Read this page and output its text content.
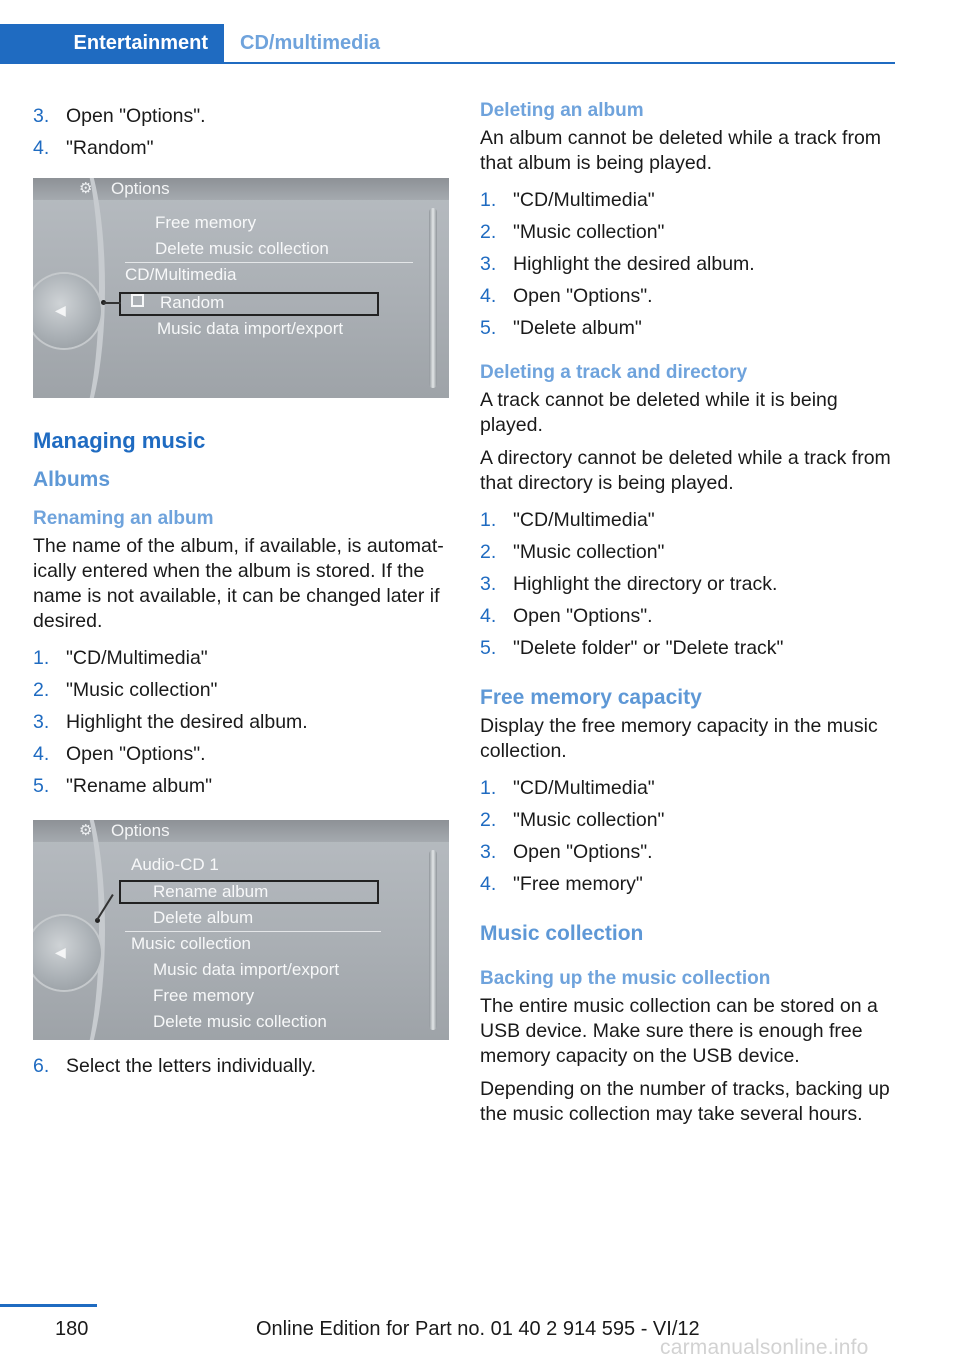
Entertainment	CD/multimedia
3. Open "Options".
4. "Random"
⚙ Options
◀
Free memory
Delete music collection
CD/Multimedia
Random
Music data import/export
Managing music
Albums
Renaming an album

The name of the album, if available, is automat‐ically entered when the album is stored. If the name is not available, it can be changed later if desired.

1. "CD/Multimedia"
2. "Music collection"
3. Highlight the desired album.
4. Open "Options".
5. "Rename album"
⚙ Options
◀
Audio-CD 1
Rename album
Delete album
Music collection
Music data import/export
Free memory
Delete music collection
6. Select the letters individually.
Deleting an album

An album cannot be deleted while a track from that album is being played.

1. "CD/Multimedia"
2. "Music collection"
3. Highlight the desired album.
4. Open "Options".
5. "Delete album"
Deleting a track and directory

A track cannot be deleted while it is being played.

A directory cannot be deleted while a track from that directory is being played.

1. "CD/Multimedia"
2. "Music collection"
3. Highlight the directory or track.
4. Open "Options".
5. "Delete folder" or "Delete track"
Free memory capacity

Display the free memory capacity in the music collection.

1. "CD/Multimedia"
2. "Music collection"
3. Open "Options".
4. "Free memory"
Music collection
Backing up the music collection

The entire music collection can be stored on a USB device. Make sure there is enough free memory capacity on the USB device.

Depending on the number of tracks, backing up the music collection may take several hours.

180	Online Edition for Part no. 01 40 2 914 595 - VI/12
carmanualsonline.info
